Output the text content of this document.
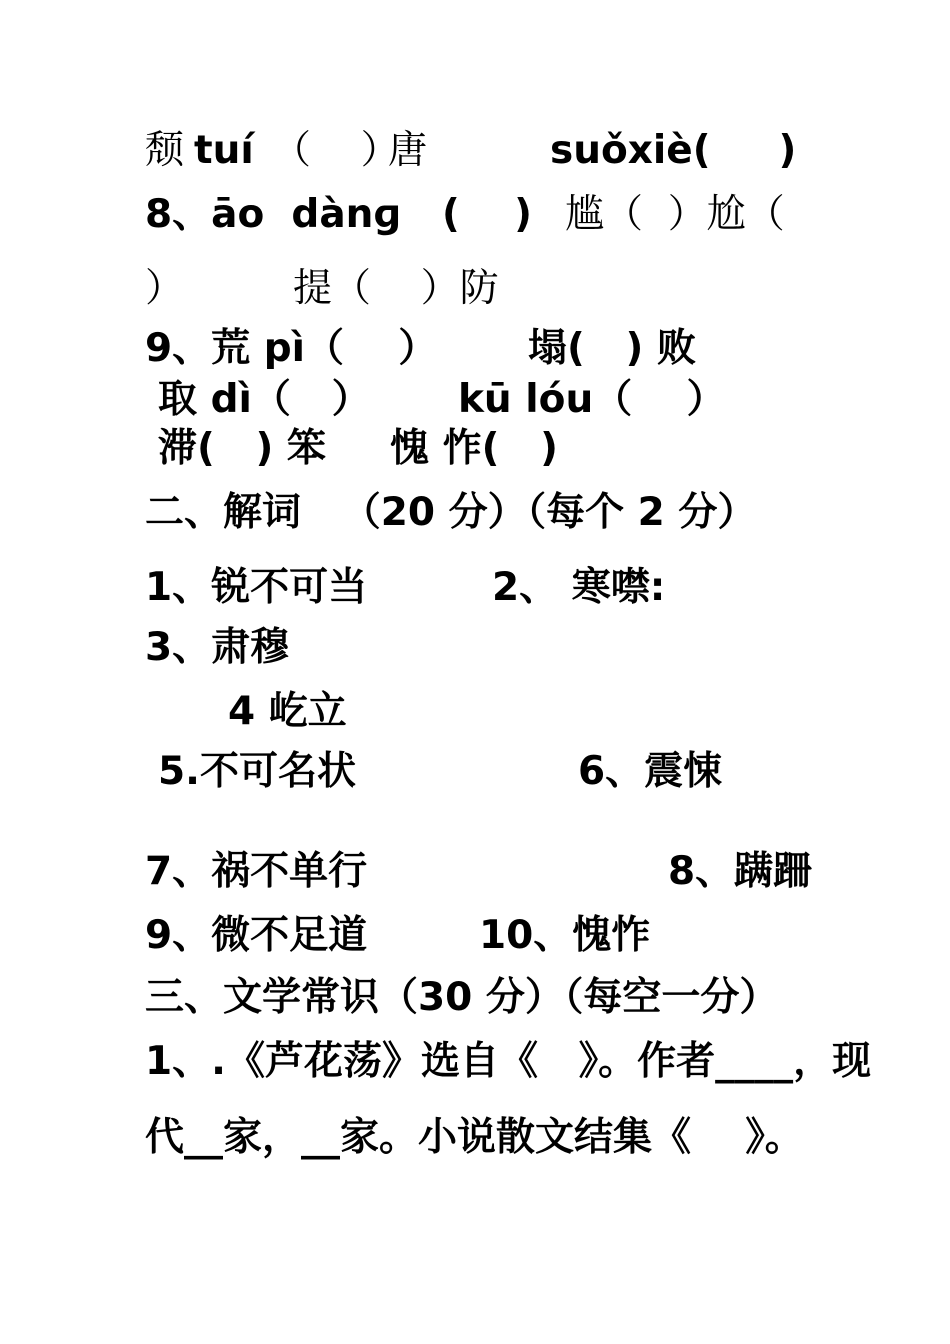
颓 tuí （    ）
唐	suǒxiè(     )
8、āo  dànɡ   (    ) 尴（  ）尬（
）	提（    ）防
9、荒 pì（    ） 塌(   ) 败
取 dì（   ） kū lóu（    ）
滞(   ) 笨 愧 怍(   )
二、解词   （20 分）（每个 2 分）
1、锐不可当	2、 寒噤:
3、肃穆
4 屹立
5.不可名状	6、震悚
7、祸不单行	8、蹒跚
9、微不足道	10、愧怍
三、文学常识（30 分）（每空一分）
1、.《芦花荡》选自《   》。作者____，现
代__家，__家。小说散文结集《    》。
